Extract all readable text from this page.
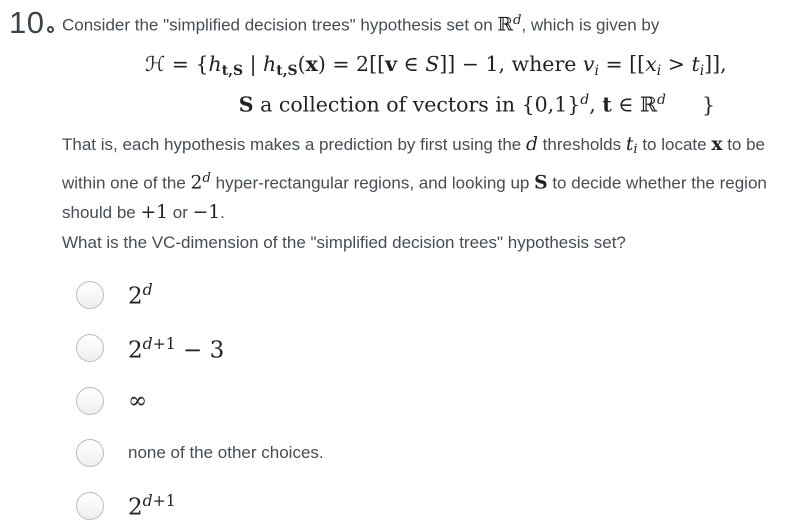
10	Consider the "simplified decision trees" hypothesis set on ℝ$^d$, which is given by
ℋ = {ht,S | ht,S(x) = 2[[v ∈ S]] − 1, where vi = [[xi > ti]],
S a collection of vectors in $\{0,1\}^d$, t ∈ ℝ$^d$ }
That is, each hypothesis makes a prediction by first using the d thresholds ti to locate x to be within one of the 2$^d$ hyper-rectangular regions, and looking up S to decide whether the region should be +1 or −1.
What is the VC-dimension of the "simplified decision trees" hypothesis set?
2$^d$
$2^{d+1} - 3$
∞
none of the other choices.
$2^{d+1}$
